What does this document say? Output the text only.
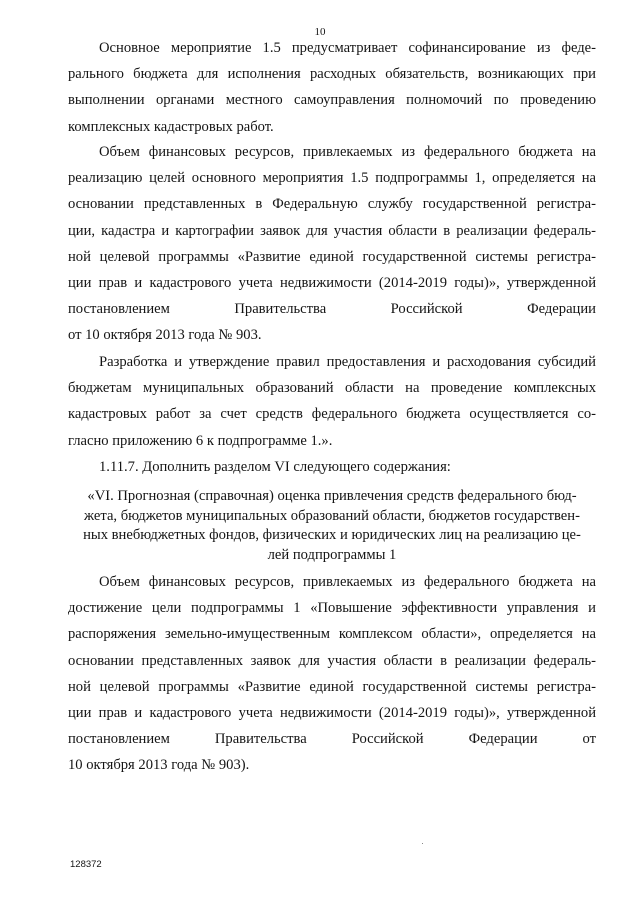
10
Основное мероприятие 1.5 предусматривает софинансирование из феде-
рального бюджета для исполнения расходных обязательств, возникающих при
выполнении органами местного самоуправления полномочий по проведению
комплексных кадастровых работ.
Объем финансовых ресурсов, привлекаемых из федерального бюджета на
реализацию целей основного мероприятия 1.5 подпрограммы 1, определяется на
основании представленных в Федеральную службу государственной регистра-
ции, кадастра и картографии заявок для участия области в реализации федераль-
ной целевой программы «Развитие единой государственной системы регистра-
ции прав и кадастрового учета недвижимости (2014-2019 годы)», утвержденной
постановлением Правительства Российской Федерации
от 10 октября 2013 года № 903.
Разработка и утверждение правил предоставления и расходования субсидий
бюджетам муниципальных образований области на проведение комплексных
кадастровых работ за счет средств федерального бюджета осуществляется со-
гласно приложению 6 к подпрограмме 1.».
1.11.7. Дополнить разделом VI следующего содержания:
«VI. Прогнозная (справочная) оценка привлечения средств федерального бюд-
жета, бюджетов муниципальных образований области, бюджетов государствен-
ных внебюджетных фондов, физических и юридических лиц на реализацию це-
лей подпрограммы 1
Объем финансовых ресурсов, привлекаемых из федерального бюджета на
достижение цели подпрограммы 1 «Повышение эффективности управления и
распоряжения земельно-имущественным комплексом области», определяется на
основании представленных заявок для участия области в реализации федераль-
ной целевой программы «Развитие единой государственной системы регистра-
ции прав и кадастрового учета недвижимости (2014-2019 годы)», утвержденной
постановлением Правительства Российской Федерации от
10 октября 2013 года № 903).
128372
